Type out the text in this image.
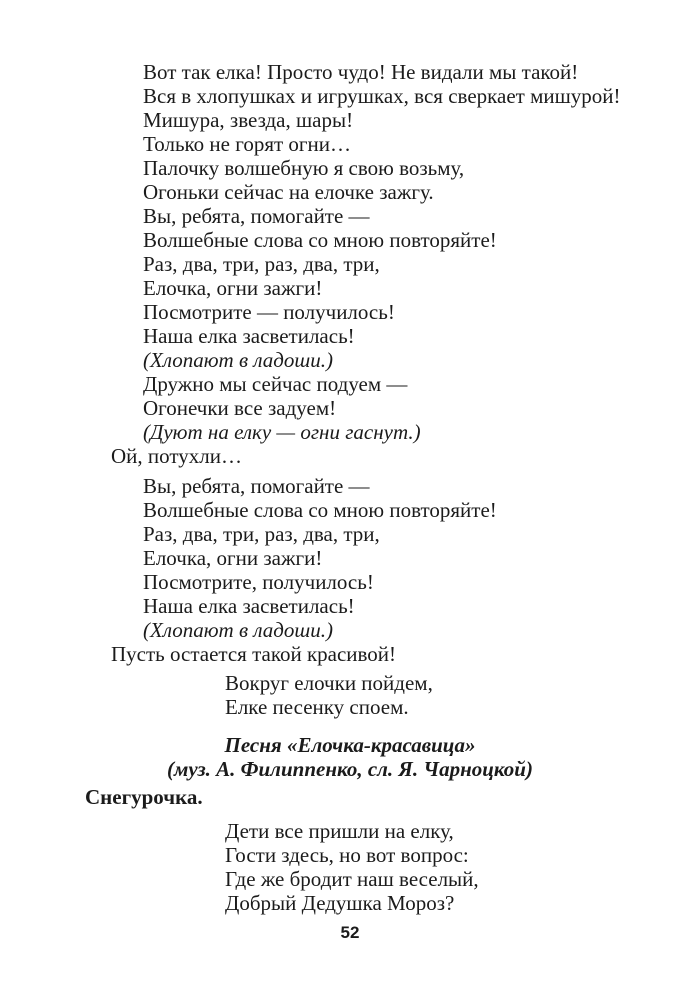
Вот так елка! Просто чудо! Не видали мы такой!

Вся в хлопушках и игрушках, вся сверкает мишурой!

Мишура, звезда, шары!

Только не горят огни…

Палочку волшебную я свою возьму,

Огоньки сейчас на елочке зажгу.

Вы, ребята, помогайте —

Волшебные слова со мною повторяйте!

Раз, два, три, раз, два, три,

Елочка, огни зажги!

Посмотрите — получилось!

Наша елка засветилась!

(Хлопают в ладоши.)

Дружно мы сейчас подуем —

Огонечки все задуем!

(Дуют на елку — огни гаснут.)

Ой, потухли…

Вы, ребята, помогайте —

Волшебные слова со мною повторяйте!

Раз, два, три, раз, два, три,

Елочка, огни зажги!

Посмотрите, получилось!

Наша елка засветилась!

(Хлопают в ладоши.)

Пусть остается такой красивой!

Вокруг елочки пойдем,

Елке песенку споем.

Песня «Елочка-красавица»

(муз. А. Филиппенко, сл. Я. Чарноцкой)

Снегурочка.

Дети все пришли на елку,

Гости здесь, но вот вопрос:

Где же бродит наш веселый,

Добрый Дедушка Мороз?

52
